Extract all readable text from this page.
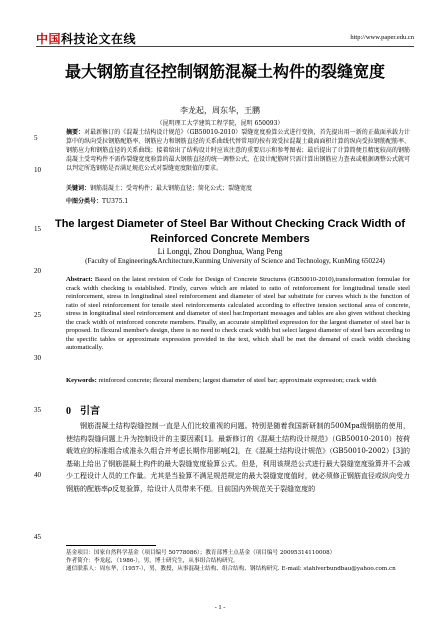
中国科技论文在线	http://www.paper.edu.cn
最大钢筋直径控制钢筋混凝土构件的裂缝宽度
李龙起，周东华，王鹏
（昆明理工大学建筑工程学院，昆明 650093）
摘要：对最新修订的《混凝土结构设计规范》（GB50010-2010）裂缝宽度验算公式进行变换，首先提出用一新的正截面承载力计算中的纵向受拉钢筋配筋率、钢筋应力和钢筋直径的关系曲线代替常用的按有效受拉混凝土截面面积计算的纵向受拉钢筋配筋率、钢筋应力和钢筋直径的关系曲线；接着给出了结构设计时应该注意的重要启示和参考图表；最后提出了计算简便且精度较高的钢筋混凝土受弯构件不需作裂缝宽度验算的最大钢筋直径的统一调整公式，在设计配筋时只需计算出钢筋应力查表或根据调整公式就可以判定所选钢筋是否满足规范公式对裂缝宽度限值的要求。
关键词：钢筋混凝土；受弯构件；最大钢筋直径；简化公式；裂缝宽度
中图分类号：TU375.1
The largest Diameter of Steel Bar Without Checking Crack Width of Reinforced Concrete Members
Li Longqi, Zhou Donghua, Wang Peng
(Faculty of Engineering&Architecture,Kunming University of Science and Technology, KunMing 650224)
Abstract: Based on the latest revision of Code for Design of Concrete Structures (GB50010-2010),transformation formulae for crack width checking is established. Firstly, curves which are related to ratio of reinforcement for longitudinal tensile steel reinforcement, stress in longitudinal steel reinforcement and diameter of steel bar substitute for curves which is the function of ratio of steel reinforcement for tensile steel reinforcements calculated according to effective tension sectional area of concrete, stress in longitudinal steel reinforcement and diameter of steel bar.Important messages and tables are also given without checking the crack width of reinforced concrete members. Finally, an accurate simplified expression for the largest diameter of steel bar is proposed. In flexural member's design, there is no need to check crack width but select largest diameter of steel bars according to the specific tables or approximate expression provided in the text, which shall be met the demand of crack width checking automatically.
Keywords: reinforced concrete; flexural members; largest diameter of steel bar; approximate expression; crack width
0 引言
钢筋混凝土结构裂缝控制一直是人们比较重视的问题。特别是随着我国新研制的500Mpa级钢筋的使用，使结构裂缝问题上升为控制设计的主要因素[1]。最新修订的《混凝土结构设计规范》（GB50010-2010）按荷载效应的标准组合或准永久组合并考虑长期作用影响[2]，在《混凝土结构设计规范》（GB50010-2002）[3]的基础上给出了钢筋混凝土构件的最大裂缝宽度验算公式。但是，利用该规范公式进行最大裂缝宽度验算并不会减少工程设计人员的工作量。尤其是当验算不满足规范规定的最大裂缝宽度值时，就必须修正钢筋直径或纵向受力钢筋的配筋率ρ反复验算，给设计人员带来不便。目前国内外规范关于裂缝宽度的
5
10
15
20
25
30
35
40
45
基金项目：国家自然科学基金（项目编号 50778086）；教育部博士点基金（项目编号 20095314110008）
作者简介：李龙起，（1986-），男，博士研究生，从事组合结构研究。
通信联系人：周东华，（1957-），男，教授，从事混凝土结构、组合结构、钢结构研究. E-mail: stahlverbundbau@yahoo.com.cn
- 1 -
